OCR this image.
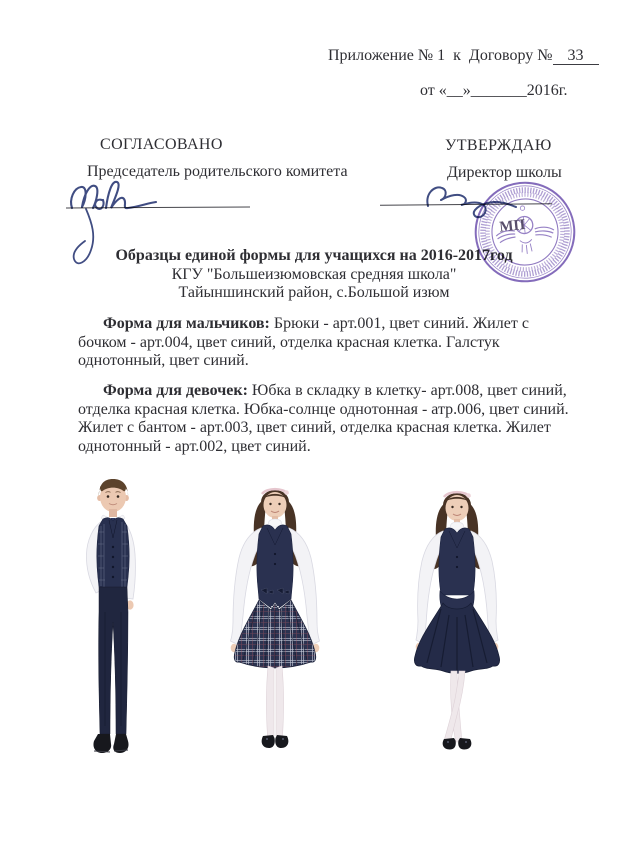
Приложение № 1  к  Договору № 33
от «__»_______2016г.
СОГЛАСОВАНО	УТВЕРЖДАЮ
Председатель родительского комитета	Директор школы
Образцы единой формы для учащихся на 2016-2017год
КГУ "Большеизюмовская средняя школа"
Тайыншинский район, с.Большой изюм

Форма для мальчиков: Брюки - арт.001, цвет синий. Жилет с бочком - арт.004, цвет синий, отделка красная клетка. Галстук однотонный, цвет синий.

Форма для девочек: Юбка в складку в клетку- арт.008, цвет синий, отделка красная клетка. Юбка-солнце однотонная - атр.006, цвет синий. Жилет с бантом - арт.003, цвет синий, отделка красная клетка. Жилет однотонный - арт.002, цвет синий.

МП
